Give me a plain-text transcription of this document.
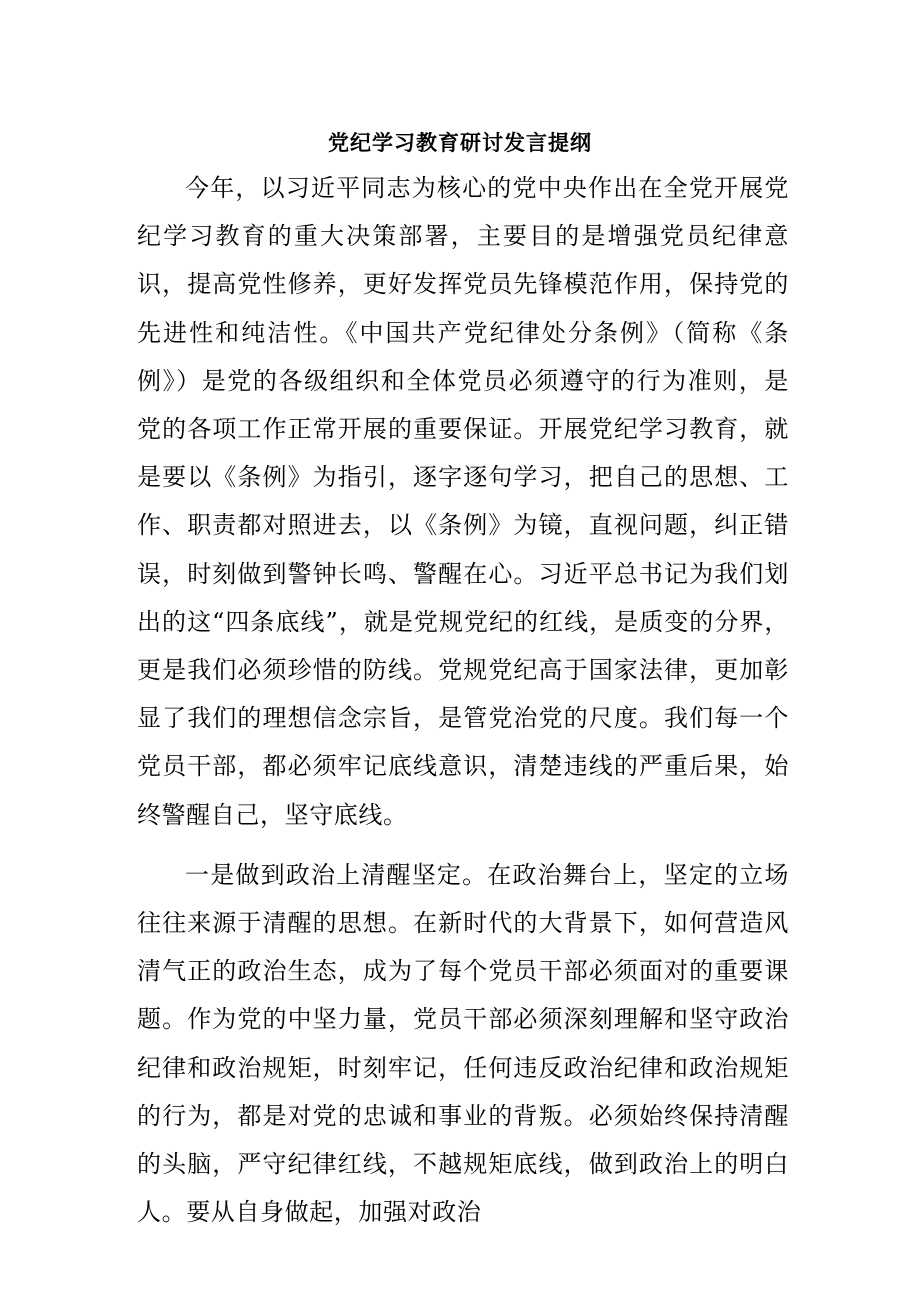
党纪学习教育研讨发言提纲

今年，以习近平同志为核心的党中央作出在全党开展党纪学习教育的重大决策部署，主要目的是增强党员纪律意识，提高党性修养，更好发挥党员先锋模范作用，保持党的先进性和纯洁性。《中国共产党纪律处分条例》（简称《条例》）是党的各级组织和全体党员必须遵守的行为准则，是党的各项工作正常开展的重要保证。开展党纪学习教育，就是要以《条例》为指引，逐字逐句学习，把自己的思想、工作、职责都对照进去，以《条例》为镜，直视问题，纠正错误，时刻做到警钟长鸣、警醒在心。习近平总书记为我们划出的这“四条底线”，就是党规党纪的红线，是质变的分界，更是我们必须珍惜的防线。党规党纪高于国家法律，更加彰显了我们的理想信念宗旨，是管党治党的尺度。我们每一个党员干部，都必须牢记底线意识，清楚违线的严重后果，始终警醒自己，坚守底线。

一是做到政治上清醒坚定。在政治舞台上，坚定的立场往往来源于清醒的思想。在新时代的大背景下，如何营造风清气正的政治生态，成为了每个党员干部必须面对的重要课题。作为党的中坚力量，党员干部必须深刻理解和坚守政治纪律和政治规矩，时刻牢记，任何违反政治纪律和政治规矩的行为，都是对党的忠诚和事业的背叛。必须始终保持清醒的头脑，严守纪律红线，不越规矩底线，做到政治上的明白人。要从自身做起，加强对政治
